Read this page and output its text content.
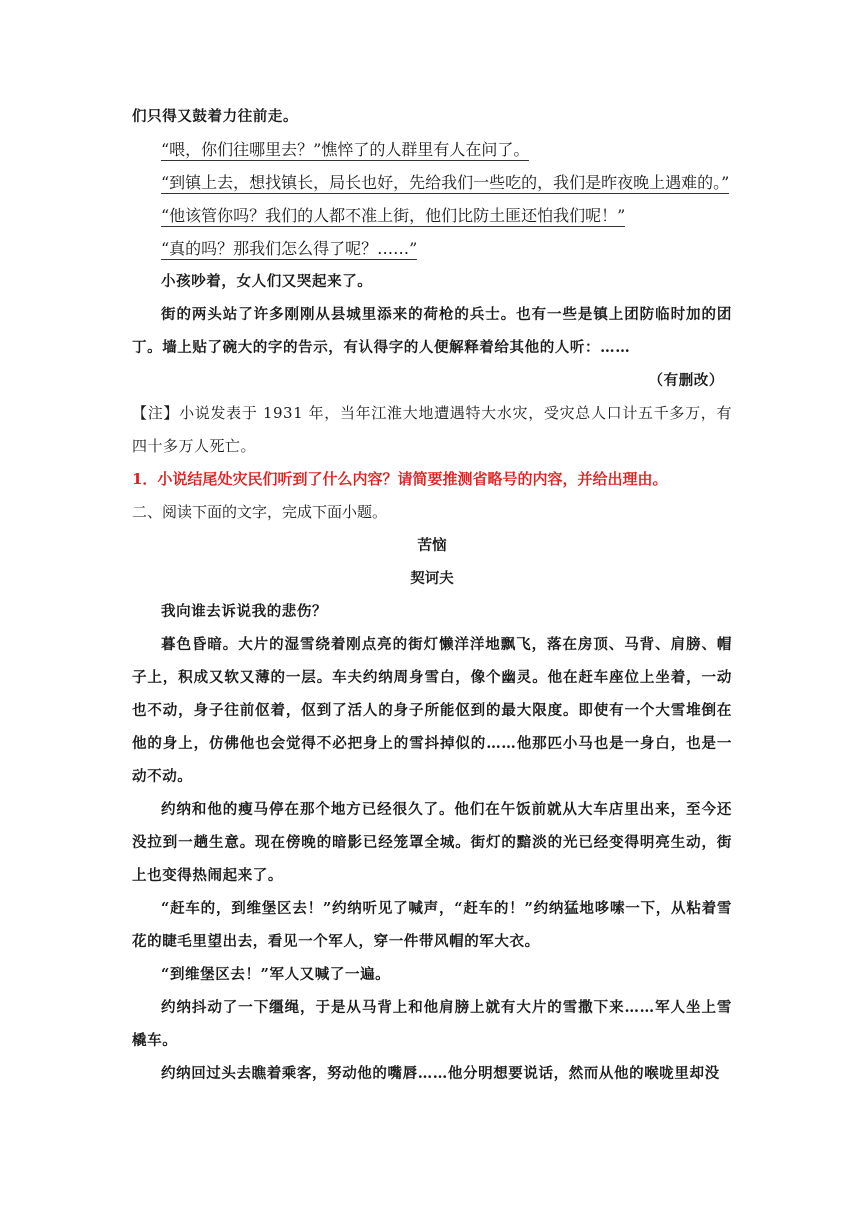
们只得又鼓着力往前走。

“喂，你们往哪里去？”憔悴了的人群里有人在问了。
“到镇上去，想找镇长，局长也好，先给我们一些吃的，我们是昨夜晚上遇难的。”
“他该管你吗？我们的人都不准上街，他们比防土匪还怕我们呢！”
“真的吗？那我们怎么得了呢？……”

小孩吵着，女人们又哭起来了。

街的两头站了许多刚刚从县城里添来的荷枪的兵士。也有一些是镇上团防临时加的团丁。墙上贴了碗大的字的告示，有认得字的人便解释着给其他的人听：……

（有删改）

【注】小说发表于 1931 年，当年江淮大地遭遇特大水灾，受灾总人口计五千多万，有四十多万人死亡。

1．小说结尾处灾民们听到了什么内容？请简要推测省略号的内容，并给出理由。

二、阅读下面的文字，完成下面小题。

苦恼

契诃夫

我向谁去诉说我的悲伤？

暮色昏暗。大片的湿雪绕着刚点亮的街灯懒洋洋地飘飞，落在房顶、马背、肩膀、帽子上，积成又软又薄的一层。车夫约纳周身雪白，像个幽灵。他在赶车座位上坐着，一动也不动，身子往前伛着，伛到了活人的身子所能伛到的最大限度。即使有一个大雪堆倒在他的身上，仿佛他也会觉得不必把身上的雪抖掉似的……他那匹小马也是一身白，也是一动不动。

约纳和他的瘦马停在那个地方已经很久了。他们在午饭前就从大车店里出来，至今还没拉到一趟生意。现在傍晚的暗影已经笼罩全城。街灯的黯淡的光已经变得明亮生动，街上也变得热闹起来了。

“赶车的，到维堡区去！”约纳听见了喊声，“赶车的！”约纳猛地哆嗦一下，从粘着雪花的睫毛里望出去，看见一个军人，穿一件带风帽的军大衣。

“到维堡区去！”军人又喊了一遍。

约纳抖动了一下缰绳，于是从马背上和他肩膀上就有大片的雪撒下来……军人坐上雪橇车。

约纳回过头去瞧着乘客，努动他的嘴唇……他分明想要说话，然而从他的喉咙里却没
